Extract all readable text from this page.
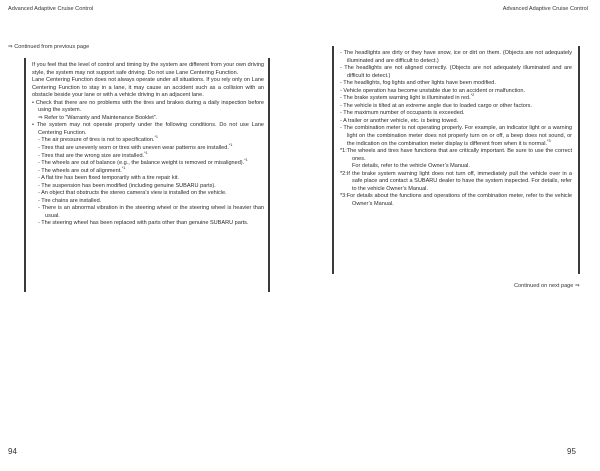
Advanced Adaptive Cruise Control	Advanced Adaptive Cruise Control
⇒ Continued from previous page

If you feel that the level of control and timing by the system are different from your own driving style, the system may not support safe driving. Do not use Lane Centering Function.

Lane Centering Function does not always operate under all situations. If you rely only on Lane Centering Function to stay in a lane, it may cause an accident such as a collision with an obstacle beside your lane or with a vehicle driving in an adjacent lane.

• Check that there are no problems with the tires and brakes during a daily inspection before using the system.

⇒ Refer to “Warranty and Maintenance Booklet”.

• The system may not operate properly under the following conditions. Do not use Lane Centering Function.

- The air pressure of tires is not to specification.$^{*1}$

- Tires that are unevenly worn or tires with uneven wear patterns are installed.$^{*1}$

- Tires that are the wrong size are installed.$^{*1}$

- The wheels are out of balance (e.g., the balance weight is removed or misaligned).$^{*1}$

- The wheels are out of alignment.$^{*1}$

- A flat tire has been fixed temporarily with a tire repair kit.

- The suspension has been modified (including genuine SUBARU parts).

- An object that obstructs the stereo camera’s view is installed on the vehicle.

- Tire chains are installed.

- There is an abnormal vibration in the steering wheel or the steering wheel is heavier than usual.

- The steering wheel has been replaced with parts other than genuine SUBARU parts.

- The headlights are dirty or they have snow, ice or dirt on them. (Objects are not adequately illuminated and are difficult to detect.)

- The headlights are not aligned correctly. (Objects are not adequately illuminated and are difficult to detect.)

- The headlights, fog lights and other lights have been modified.

- Vehicle operation has become unstable due to an accident or malfunction.

- The brake system warning light is illuminated in red.$^{*2}$

- The vehicle is tilted at an extreme angle due to loaded cargo or other factors.

- The maximum number of occupants is exceeded.

- A trailer or another vehicle, etc. is being towed.

- The combination meter is not operating properly. For example, an indicator light or a warning light on the combination meter does not properly turn on or off, a beep does not sound, or the indication on the combination meter display is different from when it is normal.$^{*3}$

*1:The wheels and tires have functions that are critically important. Be sure to use the correct ones.

For details, refer to the vehicle Owner’s Manual.

*2:If the brake system warning light does not turn off, immediately pull the vehicle over in a safe place and contact a SUBARU dealer to have the system inspected. For details, refer to the vehicle Owner’s Manual.

*3:For details about the functions and operations of the combination meter, refer to the vehicle Owner’s Manual.

Continued on next page ⇒
94	95
